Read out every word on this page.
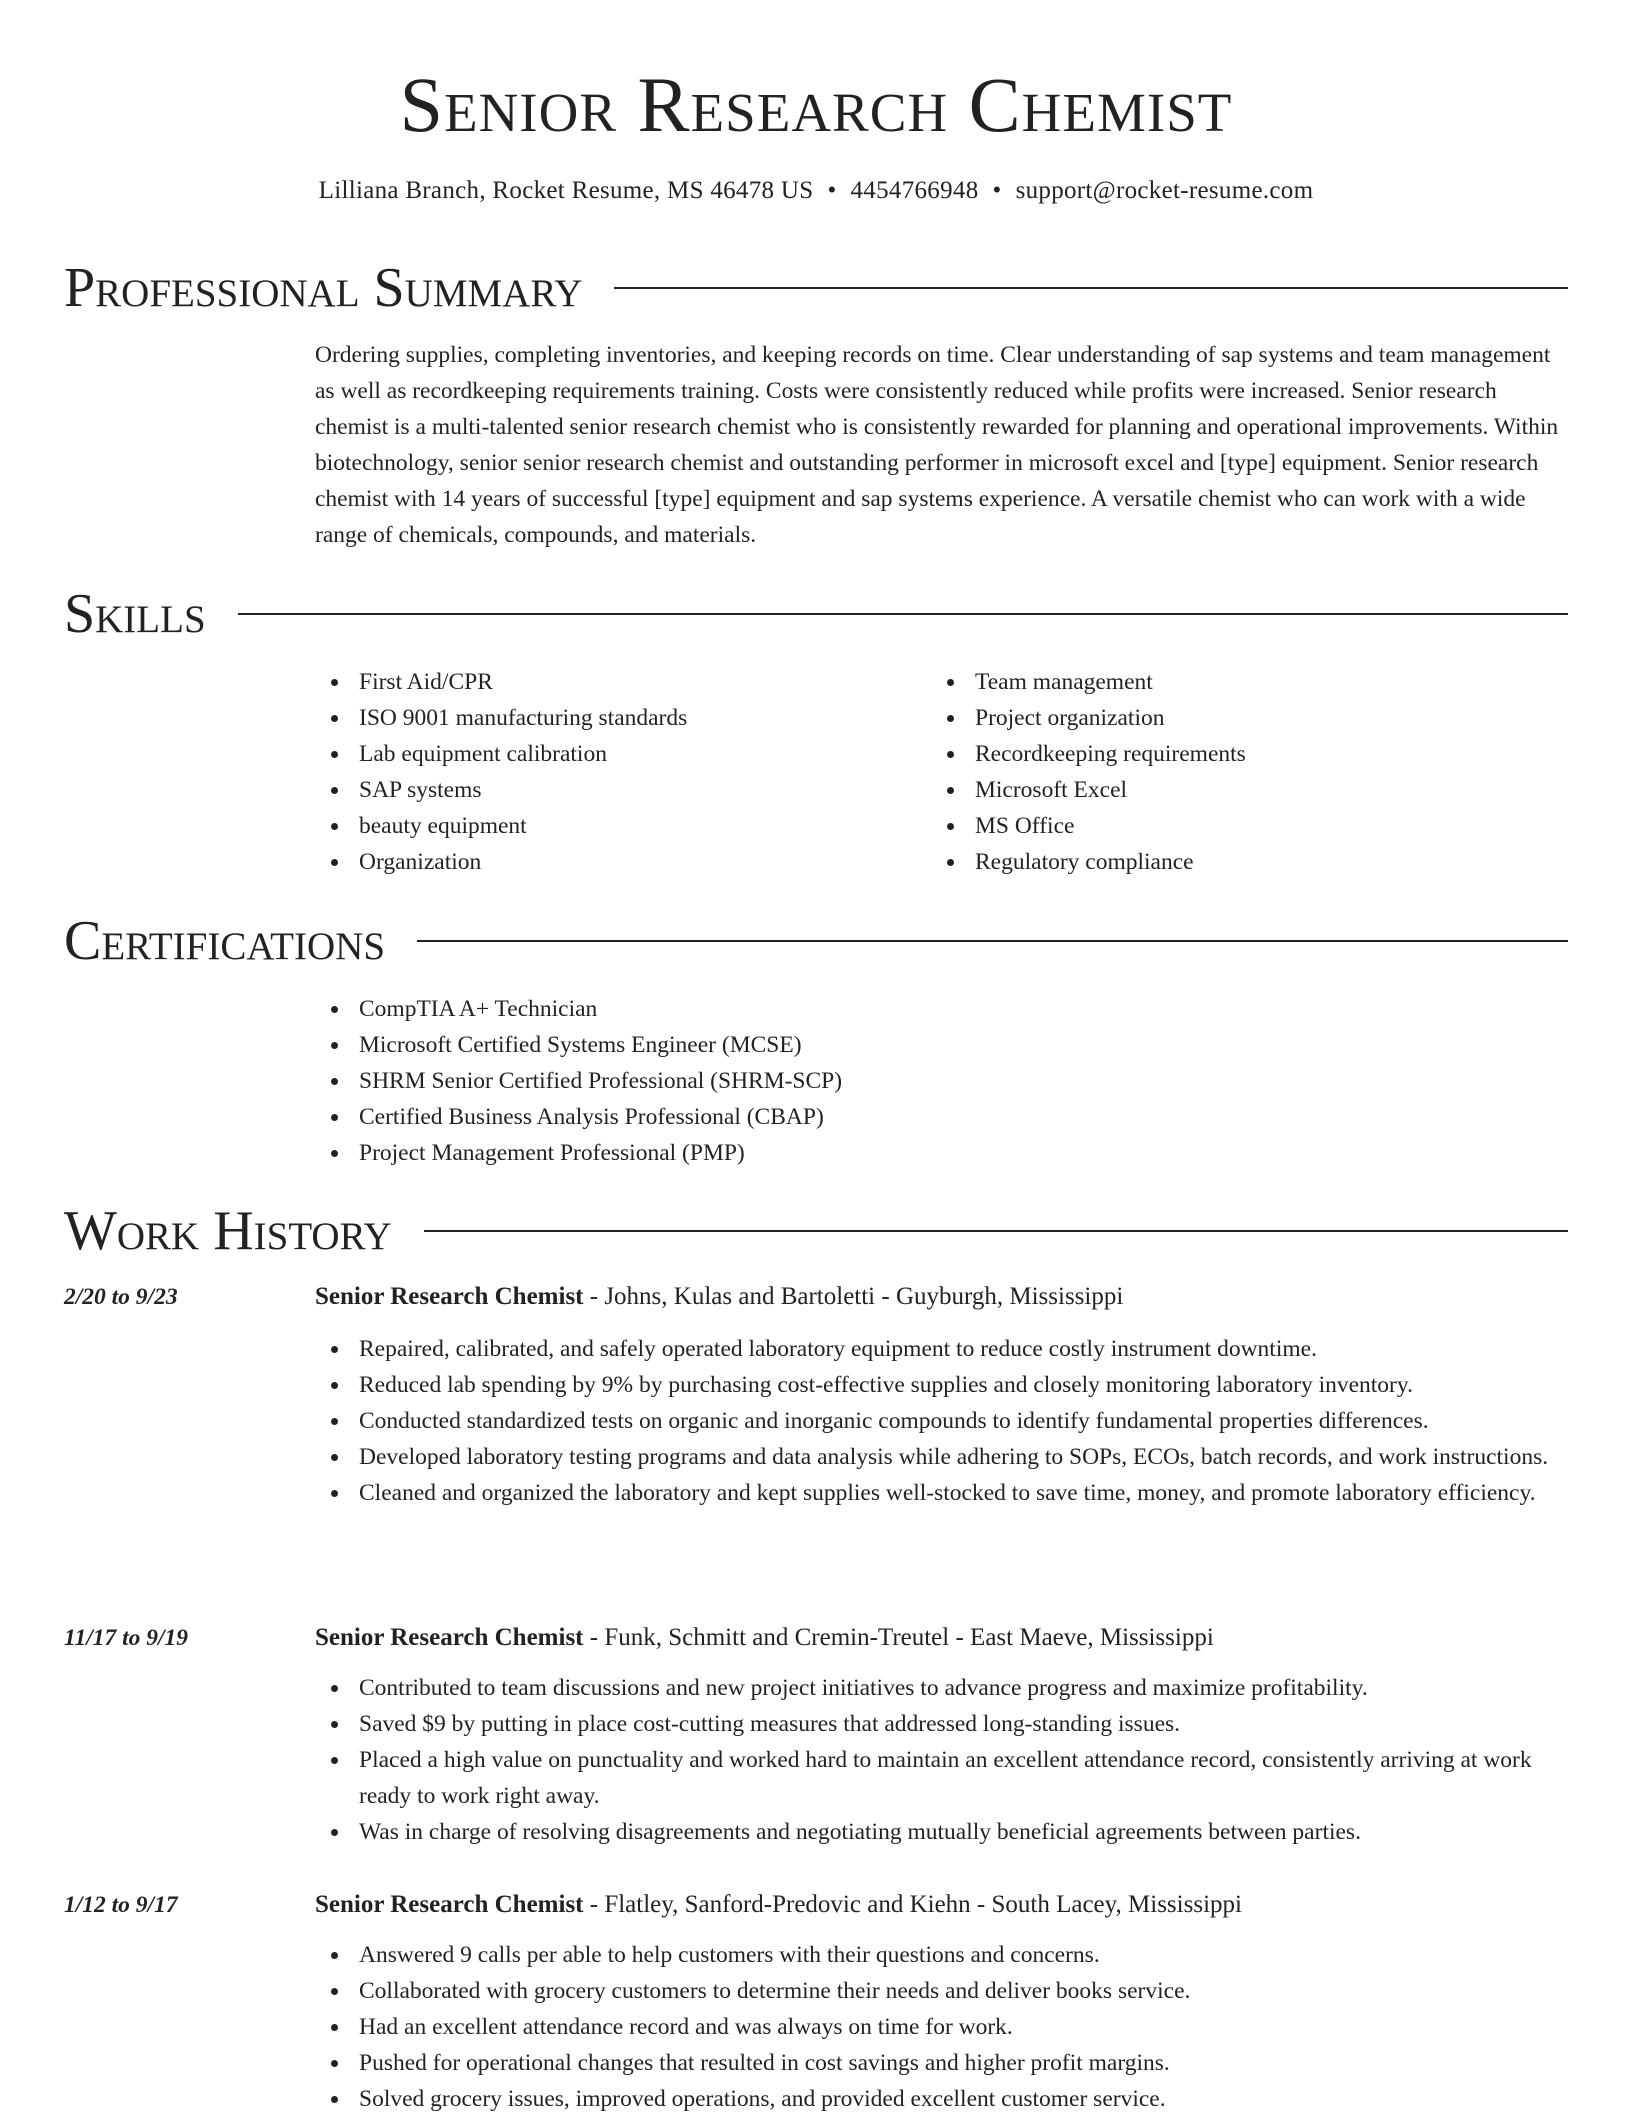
Senior Research Chemist
Lilliana Branch, Rocket Resume, MS 46478 US • 4454766948 • support@rocket-resume.com
Professional Summary
Ordering supplies, completing inventories, and keeping records on time. Clear understanding of sap systems and team management as well as recordkeeping requirements training. Costs were consistently reduced while profits were increased. Senior research chemist is a multi-talented senior research chemist who is consistently rewarded for planning and operational improvements. Within biotechnology, senior senior research chemist and outstanding performer in microsoft excel and [type] equipment. Senior research chemist with 14 years of successful [type] equipment and sap systems experience. A versatile chemist who can work with a wide range of chemicals, compounds, and materials.
Skills
First Aid/CPR
ISO 9001 manufacturing standards
Lab equipment calibration
SAP systems
beauty equipment
Organization
Team management
Project organization
Recordkeeping requirements
Microsoft Excel
MS Office
Regulatory compliance
Certifications
CompTIA A+ Technician
Microsoft Certified Systems Engineer (MCSE)
SHRM Senior Certified Professional (SHRM-SCP)
Certified Business Analysis Professional (CBAP)
Project Management Professional (PMP)
Work History
2/20 to 9/23	Senior Research Chemist - Johns, Kulas and Bartoletti - Guyburgh, Mississippi
Repaired, calibrated, and safely operated laboratory equipment to reduce costly instrument downtime.
Reduced lab spending by 9% by purchasing cost-effective supplies and closely monitoring laboratory inventory.
Conducted standardized tests on organic and inorganic compounds to identify fundamental properties differences.
Developed laboratory testing programs and data analysis while adhering to SOPs, ECOs, batch records, and work instructions.
Cleaned and organized the laboratory and kept supplies well-stocked to save time, money, and promote laboratory efficiency.
11/17 to 9/19	Senior Research Chemist - Funk, Schmitt and Cremin-Treutel - East Maeve, Mississippi
Contributed to team discussions and new project initiatives to advance progress and maximize profitability.
Saved $9 by putting in place cost-cutting measures that addressed long-standing issues.
Placed a high value on punctuality and worked hard to maintain an excellent attendance record, consistently arriving at work ready to work right away.
Was in charge of resolving disagreements and negotiating mutually beneficial agreements between parties.
1/12 to 9/17	Senior Research Chemist - Flatley, Sanford-Predovic and Kiehn - South Lacey, Mississippi
Answered 9 calls per able to help customers with their questions and concerns.
Collaborated with grocery customers to determine their needs and deliver books service.
Had an excellent attendance record and was always on time for work.
Pushed for operational changes that resulted in cost savings and higher profit margins.
Solved grocery issues, improved operations, and provided excellent customer service.
